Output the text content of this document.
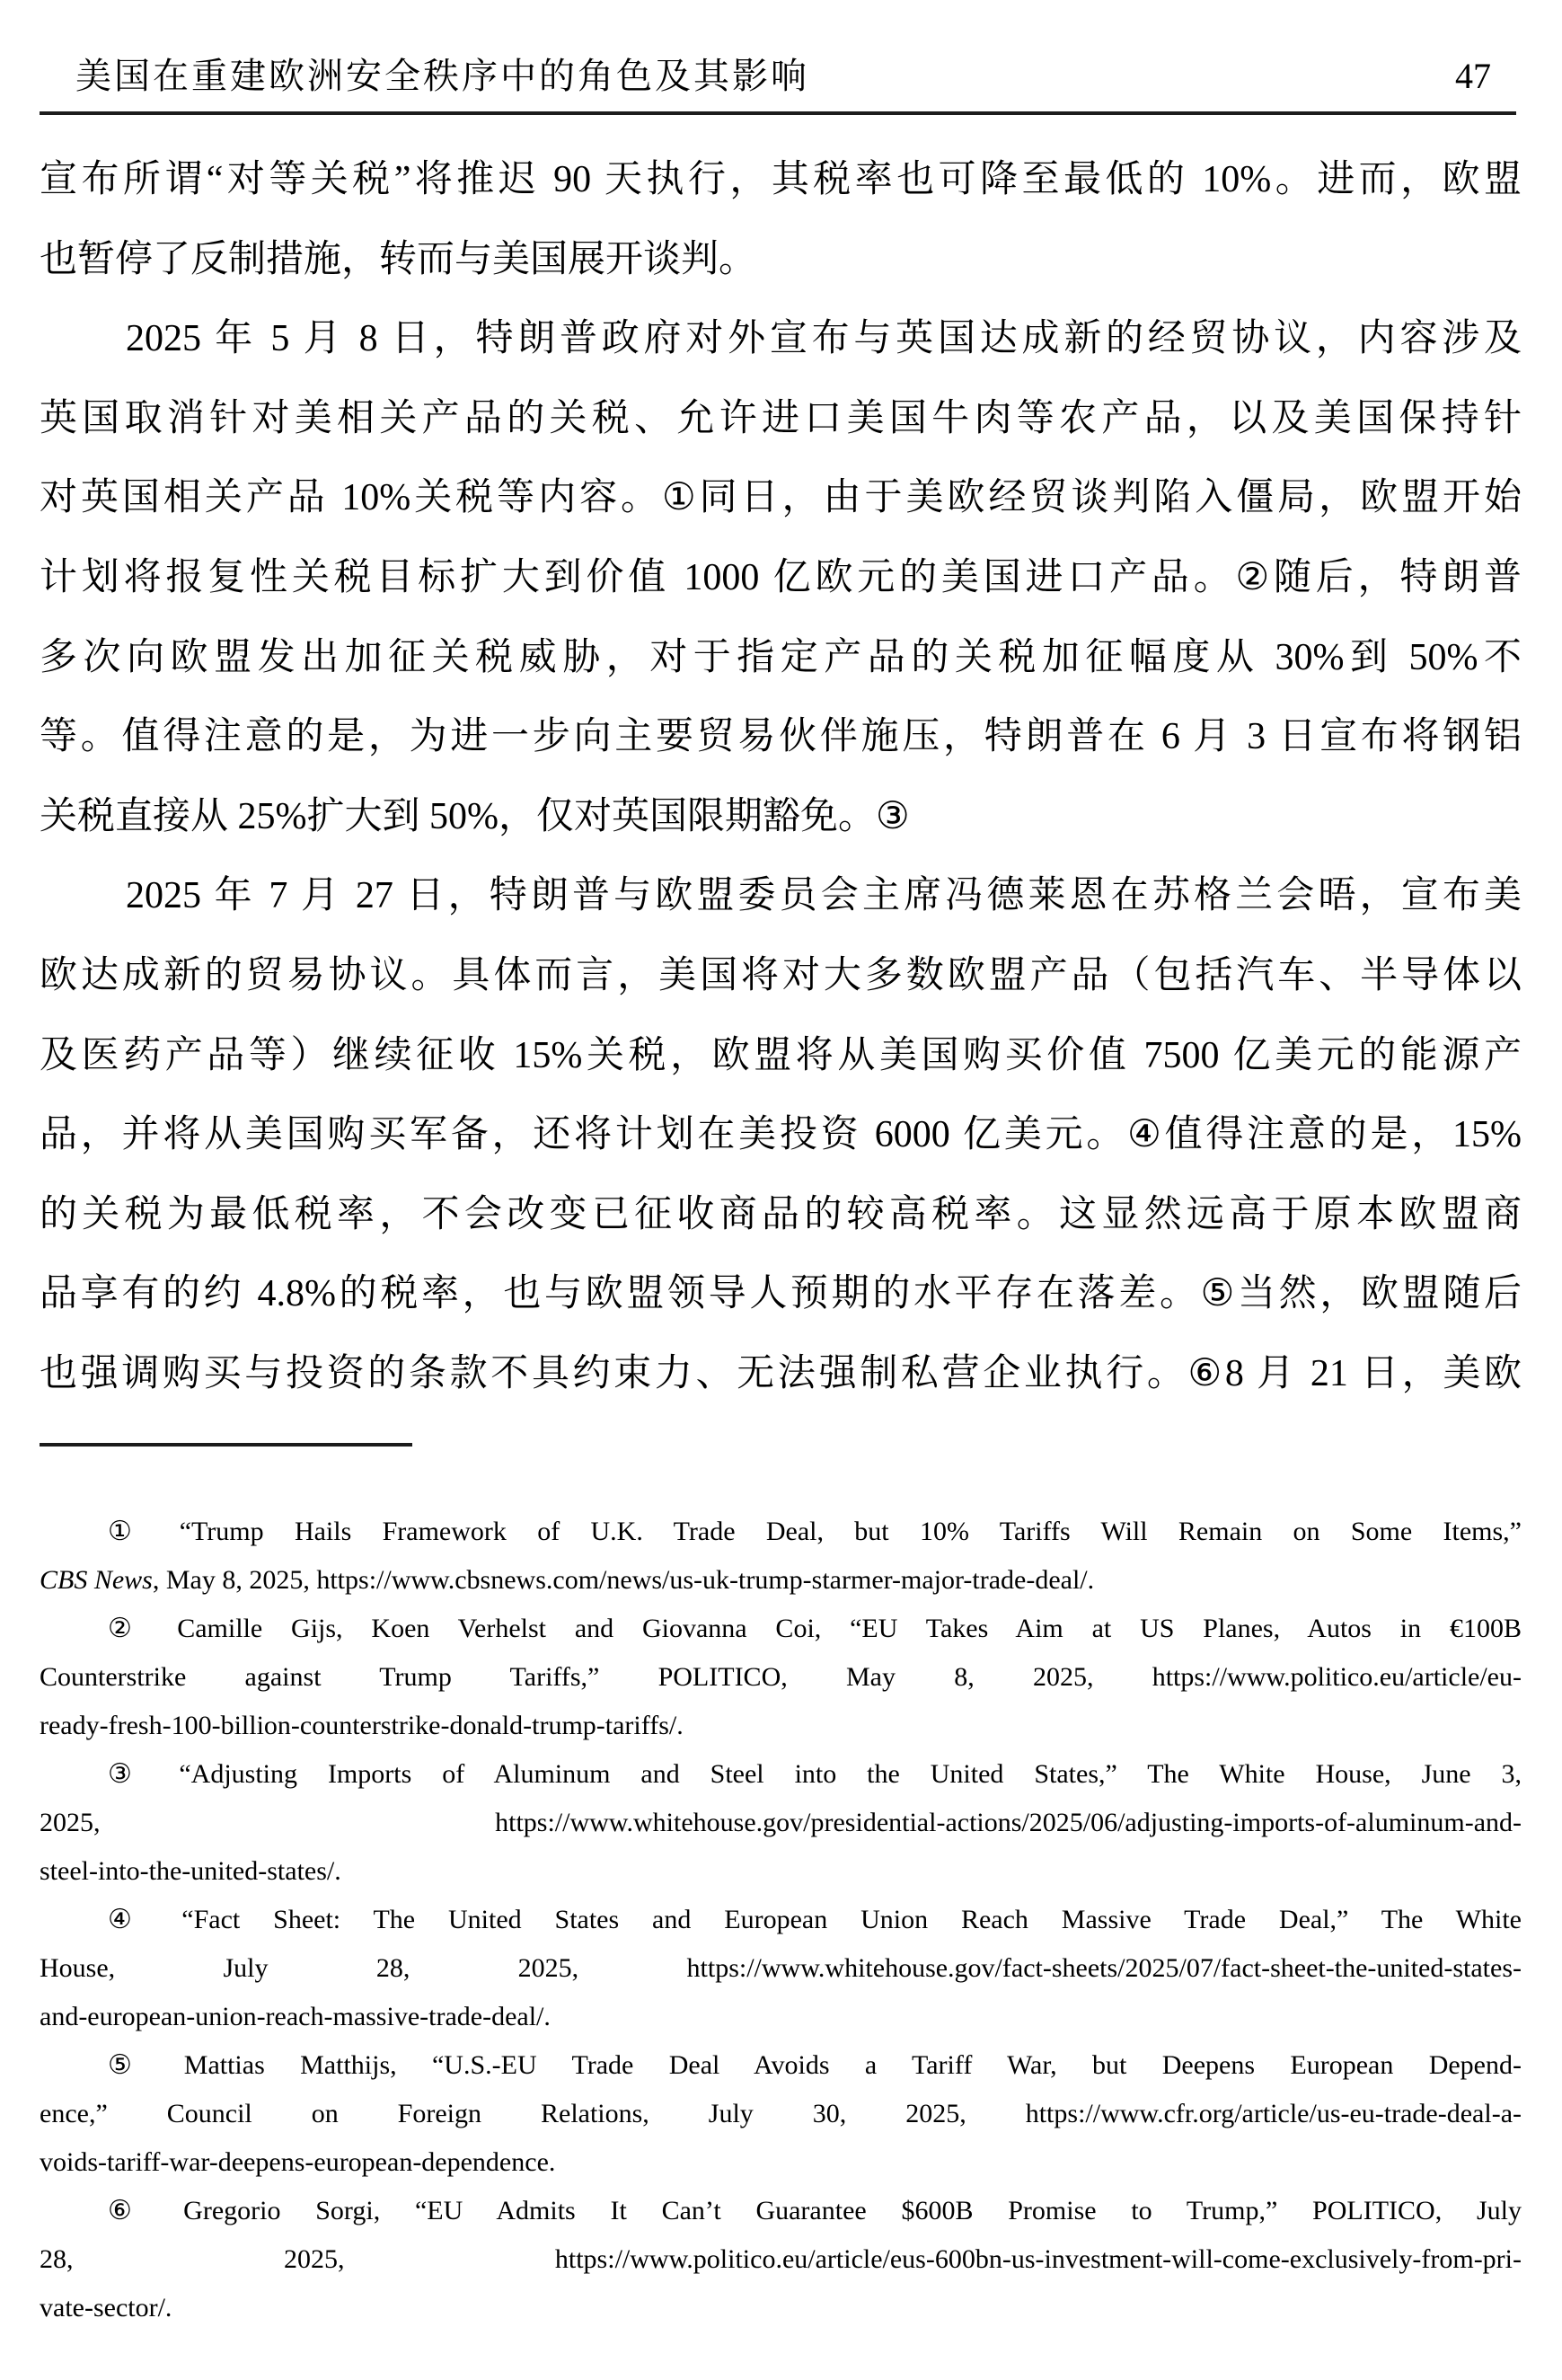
美国在重建欧洲安全秩序中的角色及其影响	47
宣布所谓“对等关税”将推迟 90 天执行，其税率也可降至最低的 10%。进而，欧盟
也暂停了反制措施，转而与美国展开谈判。
2025 年 5 月 8 日，特朗普政府对外宣布与英国达成新的经贸协议，内容涉及
英国取消针对美相关产品的关税、允许进口美国牛肉等农产品，以及美国保持针
对英国相关产品 10%关税等内容。①同日，由于美欧经贸谈判陷入僵局，欧盟开始
计划将报复性关税目标扩大到价值 1000 亿欧元的美国进口产品。②随后，特朗普
多次向欧盟发出加征关税威胁，对于指定产品的关税加征幅度从 30%到 50%不
等。值得注意的是，为进一步向主要贸易伙伴施压，特朗普在 6 月 3 日宣布将钢铝
关税直接从 25%扩大到 50%，仅对英国限期豁免。③
2025 年 7 月 27 日，特朗普与欧盟委员会主席冯德莱恩在苏格兰会晤，宣布美
欧达成新的贸易协议。具体而言，美国将对大多数欧盟产品（包括汽车、半导体以
及医药产品等）继续征收 15%关税，欧盟将从美国购买价值 7500 亿美元的能源产
品，并将从美国购买军备，还将计划在美投资 6000 亿美元。④值得注意的是，15%
的关税为最低税率，不会改变已征收商品的较高税率。这显然远高于原本欧盟商
品享有的约 4.8%的税率，也与欧盟领导人预期的水平存在落差。⑤当然，欧盟随后
也强调购买与投资的条款不具约束力、无法强制私营企业执行。⑥8 月 21 日，美欧
① “Trump Hails Framework of U.K. Trade Deal, but 10% Tariffs Will Remain on Some Items,”
CBS News, May 8, 2025, https://www.cbsnews.com/news/us-uk-trump-starmer-major-trade-deal/.
② Camille Gijs, Koen Verhelst and Giovanna Coi, “EU Takes Aim at US Planes, Autos in €100B
Counterstrike against Trump Tariffs,” POLITICO, May 8, 2025, https://www.politico.eu/article/eu-
ready-fresh-100-billion-counterstrike-donald-trump-tariffs/.
③ “Adjusting Imports of Aluminum and Steel into the United States,” The White House, June 3,
2025, https://www.whitehouse.gov/presidential-actions/2025/06/adjusting-imports-of-aluminum-and-
steel-into-the-united-states/.
④ “Fact Sheet: The United States and European Union Reach Massive Trade Deal,” The White
House, July 28, 2025, https://www.whitehouse.gov/fact-sheets/2025/07/fact-sheet-the-united-states-
and-european-union-reach-massive-trade-deal/.
⑤ Mattias Matthijs, “U.S.-EU Trade Deal Avoids a Tariff War, but Deepens European Depend-
ence,” Council on Foreign Relations, July 30, 2025, https://www.cfr.org/article/us-eu-trade-deal-a-
voids-tariff-war-deepens-european-dependence.
⑥ Gregorio Sorgi, “EU Admits It Can’t Guarantee $600B Promise to Trump,” POLITICO, July
28, 2025, https://www.politico.eu/article/eus-600bn-us-investment-will-come-exclusively-from-pri-
vate-sector/.
